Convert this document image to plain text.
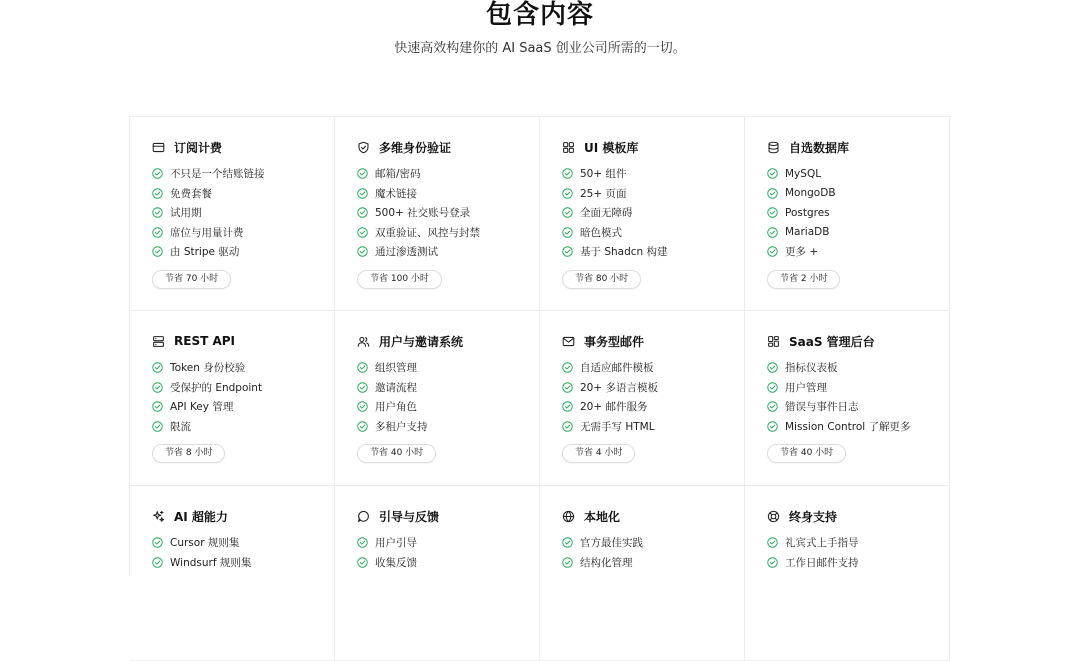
包含内容

快速高效构建你的 AI SaaS 创业公司所需的一切。

订阅计费
不只是一个结账链接
免费套餐
试用期
席位与用量计费
由 Stripe 驱动
节省 70 小时
多维身份验证
邮箱/密码
魔术链接
500+ 社交账号登录
双重验证、风控与封禁
通过渗透测试
节省 100 小时
UI 模板库
50+ 组件
25+ 页面
全面无障碍
暗色模式
基于 Shadcn 构建
节省 80 小时
自选数据库
MySQL
MongoDB
Postgres
MariaDB
更多 +
节省 2 小时
REST API
Token 身份校验
受保护的 Endpoint
API Key 管理
限流
节省 8 小时
用户与邀请系统
组织管理
邀请流程
用户角色
多租户支持
节省 40 小时
事务型邮件
自适应邮件模板
20+ 多语言模板
20+ 邮件服务
无需手写 HTML
节省 4 小时
SaaS 管理后台
指标仪表板
用户管理
错误与事件日志
Mission Control 了解更多
节省 40 小时
AI 超能力
Cursor 规则集
Windsurf 规则集
引导与反馈
用户引导
收集反馈
本地化
官方最佳实践
结构化管理
终身支持
礼宾式上手指导
工作日邮件支持
